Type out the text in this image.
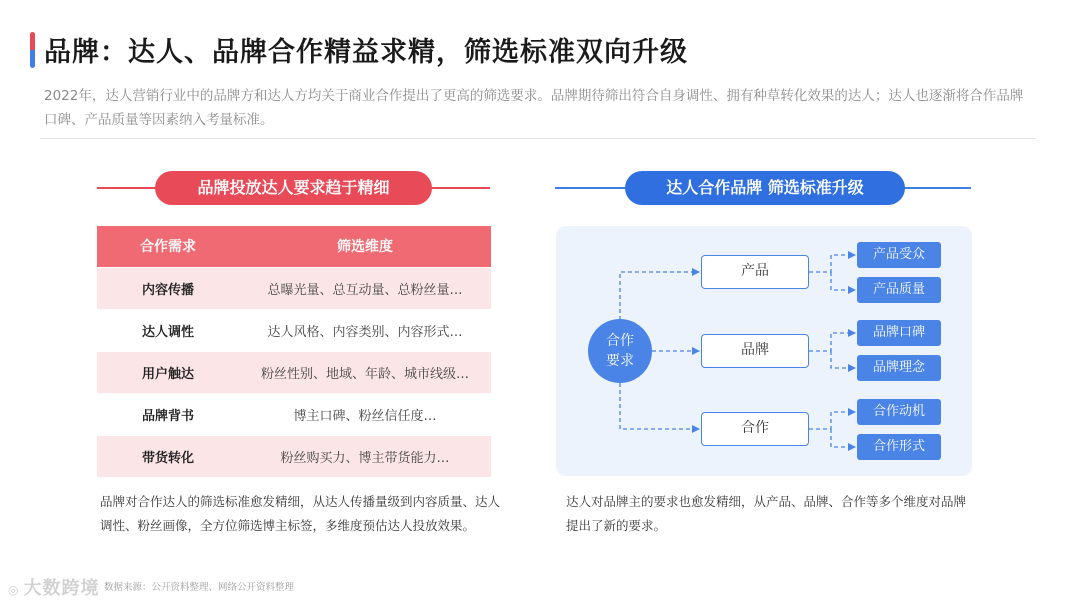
品牌：达人、品牌合作精益求精，筛选标准双向升级
2022年，达人营销行业中的品牌方和达人方均关于商业合作提出了更高的筛选要求。品牌期待筛出符合自身调性、拥有种草转化效果的达人；达人也逐渐将合作品牌口碑、产品质量等因素纳入考量标准。
品牌投放达人要求趋于精细
合作需求	筛选维度
内容传播	总曝光量、总互动量、总粉丝量…
达人调性	达人风格、内容类别、内容形式…
用户触达	粉丝性别、地域、年龄、城市线级…
品牌背书	博主口碑、粉丝信任度…
带货转化	粉丝购买力、博主带货能力…
品牌对合作达人的筛选标准愈发精细，从达人传播量级到内容质量、达人调性、粉丝画像，全方位筛选博主标签，多维度预估达人投放效果。
达人合作品牌 筛选标准升级
合作
要求
产品
品牌
合作
产品受众
产品质量
品牌口碑
品牌理念
合作动机
合作形式
达人对品牌主的要求也愈发精细，从产品、品牌、合作等多个维度对品牌提出了新的要求。
数据来源：公开资料整理、网络公开资料整理
◎ 大数跨境
